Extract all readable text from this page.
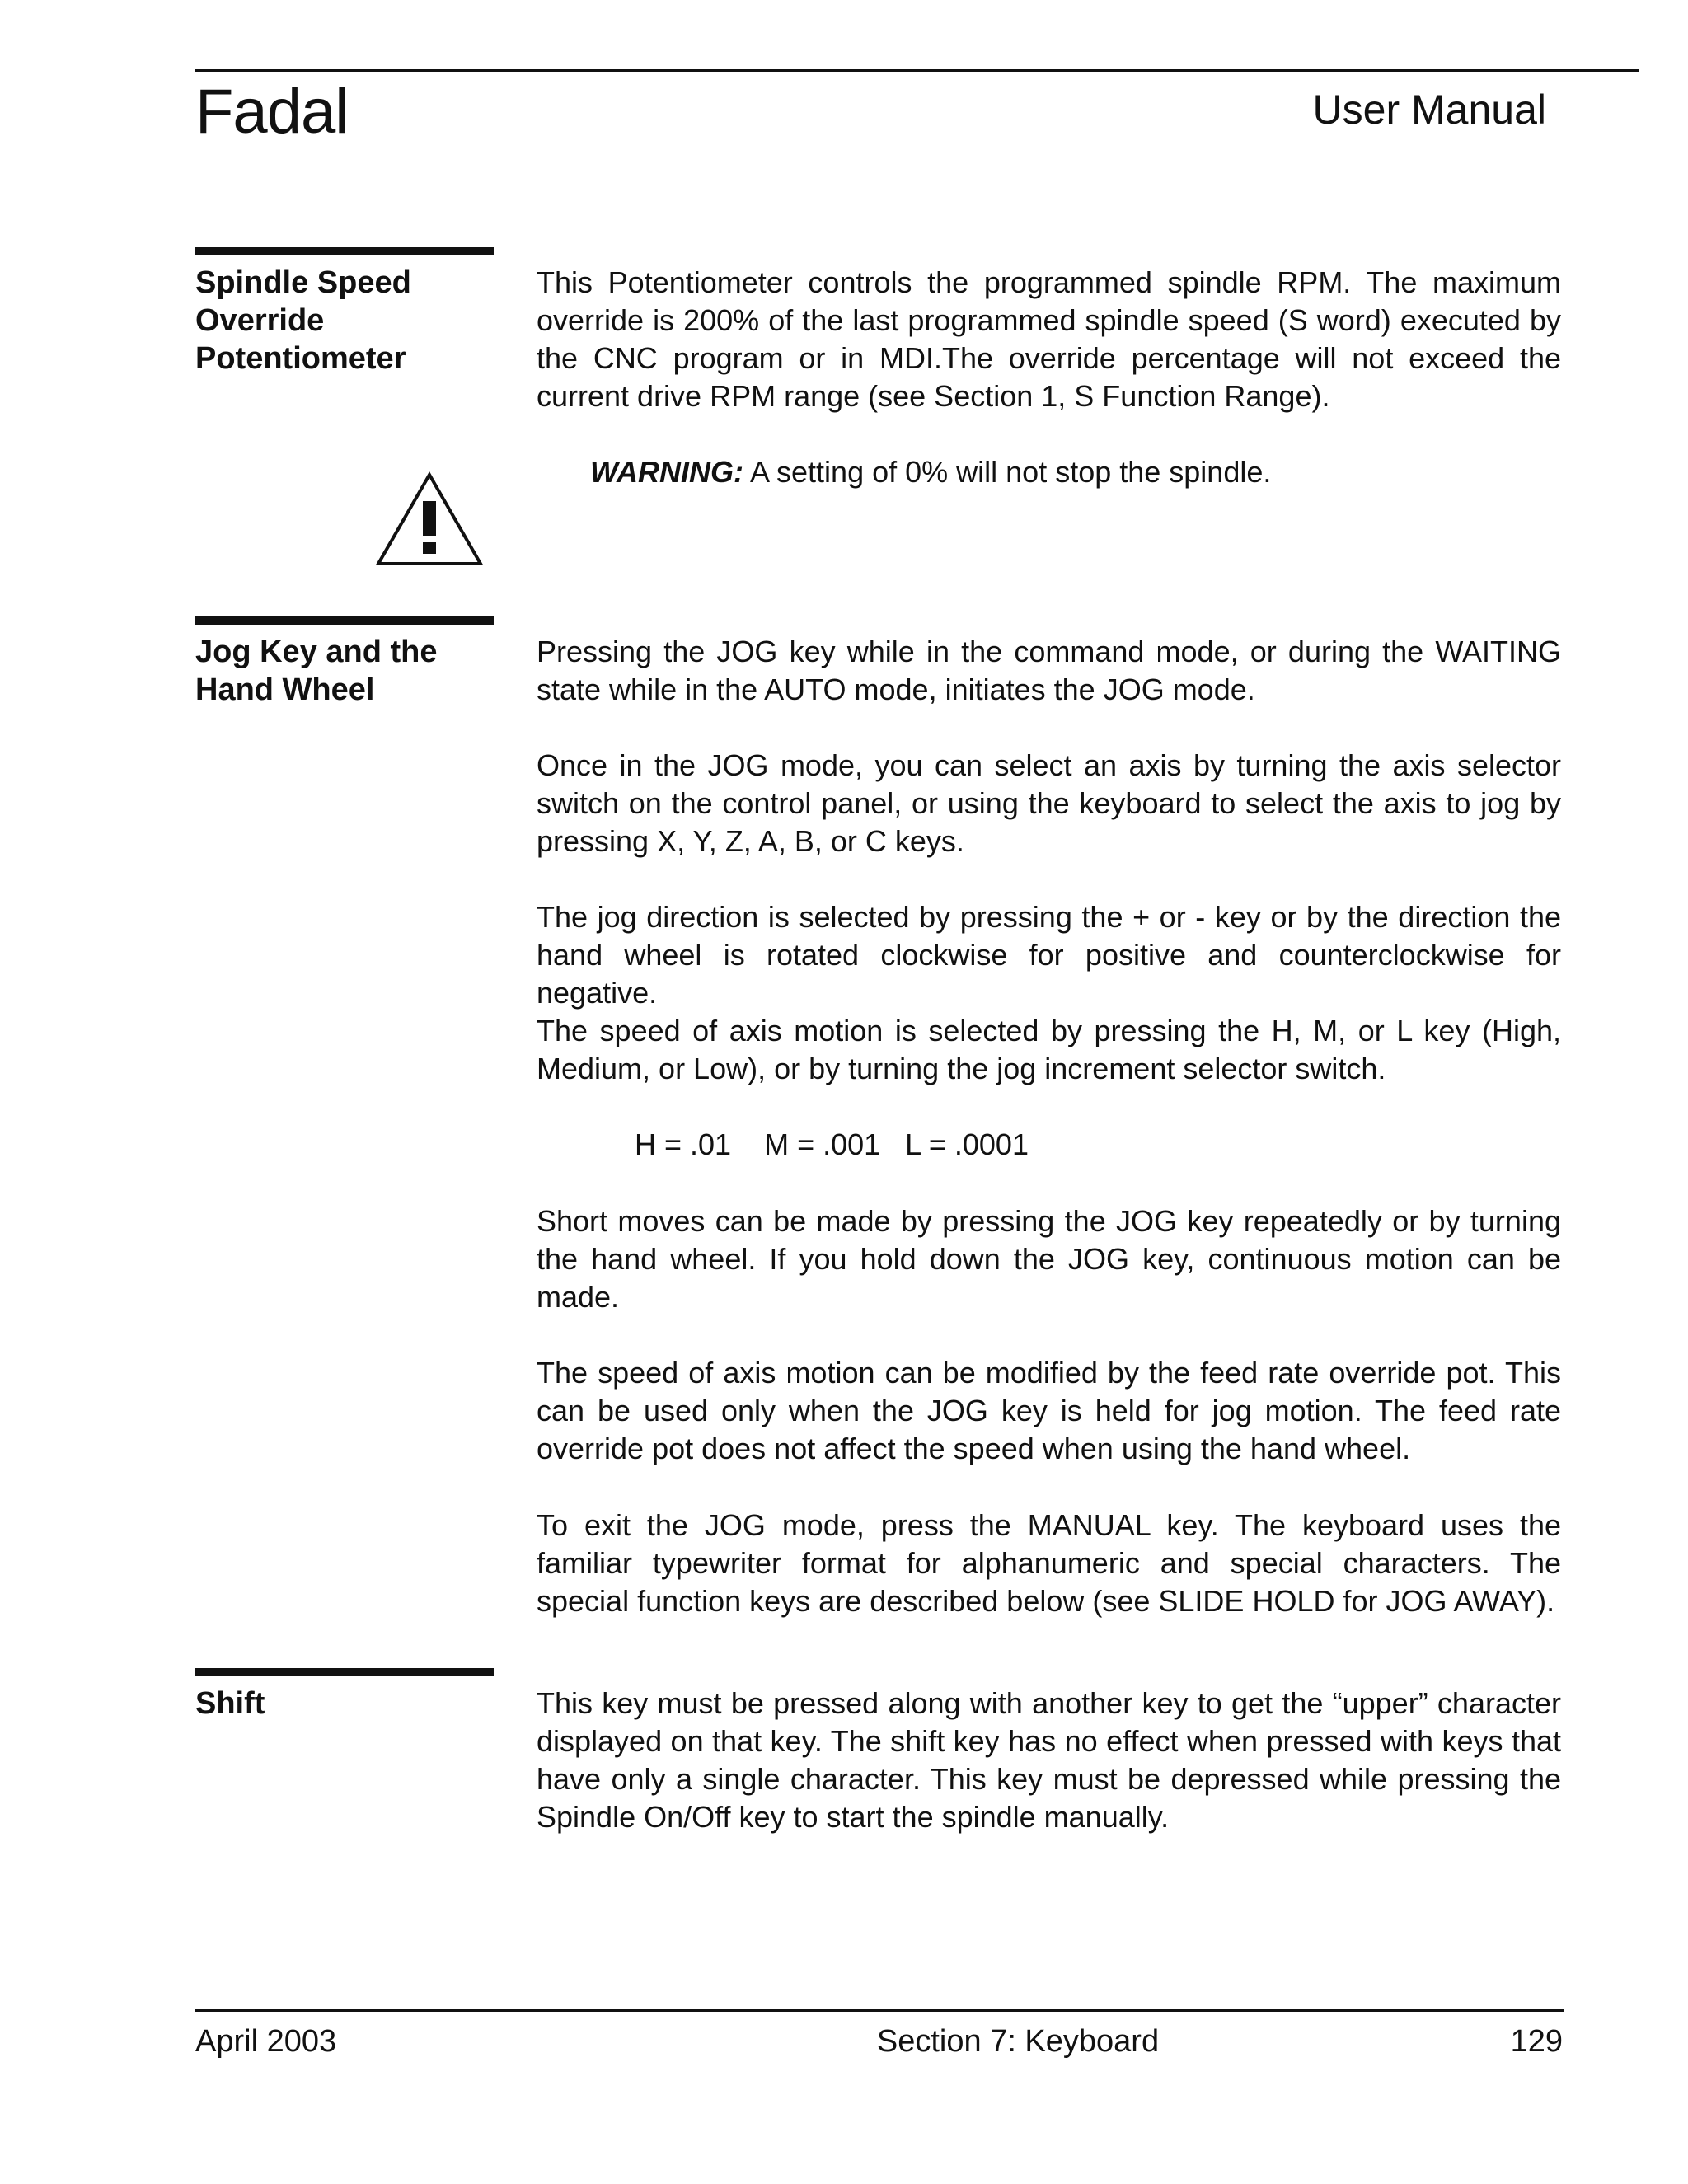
Fadal	User Manual
Spindle Speed
Override
Potentiometer

This Potentiometer controls the programmed spindle RPM. The maximum override is 200% of the last programmed spindle speed (S word) executed by the CNC program or in MDI.The override percentage will not exceed the current drive RPM range (see Section 1, S Function Range).

WARNING: A setting of 0% will not stop the spindle.
Jog Key and the
Hand Wheel

Pressing the JOG key while in the command mode, or during the WAITING state while in the AUTO mode, initiates the JOG mode.

Once in the JOG mode, you can select an axis by turning the axis selector switch on the control panel, or using the keyboard to select the axis to jog by pressing X, Y, Z, A, B, or C keys.

The jog direction is selected by pressing the + or - key or by the direction the hand wheel is rotated clockwise for positive and counterclockwise for negative.

The speed of axis motion is selected by pressing the H, M, or L key (High, Medium, or Low), or by turning the jog increment selector switch.

H = .01    M = .001   L = .0001

Short moves can be made by pressing the JOG key repeatedly or by turning the hand wheel. If you hold down the JOG key, continuous motion can be made.

The speed of axis motion can be modified by the feed rate override pot. This can be used only when the JOG key is held for jog motion. The feed rate override pot does not affect the speed when using the hand wheel.

To exit the JOG mode, press the MANUAL key. The keyboard uses the familiar typewriter format for alphanumeric and special characters. The special function keys are described below (see SLIDE HOLD for JOG AWAY).

Shift	This key must be pressed along with another key to get the “upper” character displayed on that key. The shift key has no effect when pressed with keys that have only a single character. This key must be depressed while pressing the Spindle On/Off key to start the spindle manually.

April 2003	Section 7: Keyboard	129
